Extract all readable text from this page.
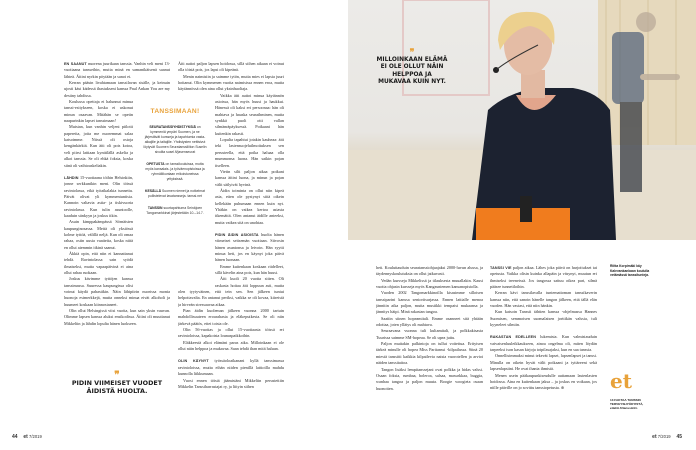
EN SAANUT nuorena juurikaan tanssia. Vanhin veli meni 13-vuotiaana tansseihin, mutta minä en samanikäisenä saanut lähteä. Äitini nyrkin pöytään ja sanoi ei.

Kerran pääsin livahtamaan tanssilavan sisälle, ja keinuin ujosti käsi kädessä ihastukseni kanssa Paul Ankan You are my destiny tahdissa.

Koulussa opettaja ei halunnut minua tanssi-esitykseen, koska ei uskonut minun osaavan. Mitähän se opetin naapurinkin lapset tanssimaan!

Muistan, kun vanhin veljeni piilotti papereita, joita me nuoremmat salaa katsoimme. Niissä oli ostoja kengänkärkiä. Kun äiti oli pois kotoa, veli piirsi lattiaan kynttilällä askelia ja alkoi tanssia. Se oli ehkä foksia, koska siinä oli vaihtoaskeliakin.

LÄHDIN 15-vuotiaana töihin Helsinkiin, jonne serkkunikin meni. Olin töissä ravintolassa, eikä työaikalakia tunnettu. Päivät olivat yli kymmentuntisia. Kannoin valtavia astia- ja tiskivuoria ravintolassa. Kun tulin asuntoolle, kaaduin sänkyyn ja joskus itkin.

Asuin kimppakämpässä Sörnäisten kaupunginosassa. Meitä oli yksiössä kolme tyttöä, välillä neljä. Kun oli omaa rahaa, ostin uusia vaatteita, koska niitä en ollut aiemmin itkinä saanut.

Äkkiä opin, että niin ei kannattanut tehdä. Ravintolassa sain syödä ilmaiseksi, mutta vapaapäivinä ei aina ollut rahaa ruokaan.

Joskus kävimme tyttöjen kanssa tanssimassa. Suuressa kaupungissa olisi voinut käydä pahastikin. Näin lähipiirin nuorissa monia huonoja esimerkkejä, mutta onneksi minua eivät alkoholi ja huumeet koskaan kiinnostaneet.

Olin ollut Helsingissä viisi vuotta, kun sain yksin vauvan. Olimme lapsen kanssa aluksi ensikodissa. Äitini oli muuttanut Mikkeliin ja lähdin lopulta hänen luokseen.

Äiti auttoi paljon lapsen hoidossa, sillä siihen aikaan ei voinut olla töistä pois, jos lapsi oli kipeänä.

Menin naimisiin ja saimme tytön, mutta mies ei lapsia juuri hoitanut. Olin kymmenen vuotta naimisissa ennen eroa, mutta käytännössä olen aina ollut yksinhuoltaja.

Vaikka äiti auttoi minua käytännön asioissa, hän myös huusi ja haukkui. Hänessä oli kaksi eri persoonaa: hän oli mahtava ja hauska seuraihminen, mutta synkkä puoli otti vallan silmänräpäyksessä. Poikaani hän kuitenkin rakasti.

Lopulta tapahtui jotakin kauheaa: äiti teki lastensuojeluilmoituksen sen perusteella, että poika haluaa olla mummonsa luona. Hän saikin pojan itselleen.

Vietin silti paljon aikaa poikani kanssa äitini luona, ja minun ja pojan välit säilyivät hyvinä.

Äidin toiminta on ollut niin kipeä asia, etten ole pystynyt siitä oikein kellekään puhumaan ennen kuin nyt. Yhäkin on vaikea kertoa asiasta itkemättä. Olen antanut äidille anteeksi, mutta vaikea sitä on unohtaa.

PIDIN ÄIDIN ASIOISTA huolta hänen viimeiset seitsemän vuottaan. Siivosin hänen asuntonsa ja leivoin. Hän syytti minua heti, jos en käynyt joka päivä hänen luonaan.

Emme kuitenkaan koskaan riidelleet, sillä kävelin aina pois, kun hän huusi.

Äiti kuoli 20 vuotta sitten. Oli raskasta hoitaa äiti loppuun asti, mutta olen tyytyväinen, että tein sen. Sen jälkeen tuntui helpottavalta. En antanut periksi, vaikka se oli kovaa, kiireistä ja hirveän stressaavaa aikaa.

Pian äidin kuoleman jälkeen vuonna 2000 tartuin mahdollisuuteen eroarahasta ja eläkeputkesta. Se oli niin järkevä päätös, ettei toista ole.

Olin 56-vuotias ja ollut 15-vuotiaasta töissä eri ravintoloissa, kapakoista lounaspaikkoihin.

Eläkkeestä alkoi elämäni paras aika. Milloinkaan ei ole ollut näin helppoa ja mukavaa. Saan tehdä ihan mitä haluan.

OLIN KÄYNYT työssäoloaikanani kyllä tanssimassa ravintoloissa, mutta eihän niiden pienillä lattioilla mahdu kunnolla liikkumaan.

Vuosi ennen töistä jäämistäni Mikkeliin perustettiin Mikkelin Tanssiharrastajat ry, ja liityin siihen

TANSSIMAAN!

SEURATANSSIYHDISTYKSIÄ on kymmeniä ympäri Suomen, ja ne järjestävät kursseja ja tapahtumia vasta-alkajille ja taitajille. Yhdistysten nettisivut löytyvät Suomen Seuratanssiliiton Suselin sivuilta susel.fi/jasenseurat

OPETUSTA on tanssikouluissa, mutta myös kansalais- ja työväenopistoissa ja ryhmäliikuntaan erikoistuneissa yrityksissä.

KESÄLLÄ Suomen niemet ja notkelmat pullistelevat lavatansseja. tanssi.net

TANSSIN suurtapahtuma Seinäjoen Tangomarkkinat järjestetään 10.–14.7.

❞
PIDIN VIIMEISET VUODET ÄIDISTÄ HUOLTA.
44 et 7/2019
❞
MILLOINKAAN ELÄMÄ EI OLE OLLUT NÄIN HELPPOA JA MUKAVAA KUIN NYT.

heti. Kouluttauduin seuratanssiohjaajaksi 2000-luvun alussa, ja täydennyskoulutuksia on ollut jatkuvasti.

Vedän kursseja Mikkelissä ja tilauksesta muuallakin. Kausi vuotta ohjasin kursseja myös Kangasniemen kansanopistolla.

Vuoden 2002 Tangomarkkinoilla kisasimme silloisen tanssiparini kanssa senioritsarjassa. Ennen lattialle menoa jännitin aika paljon, mutta musiikki tempaisi mukaansa ja jännitys häipi. Minä rakastan tangoa.

Saatiin siinen hopeamitali. Emme osanneet sitä yhtään odottaa, joten yllätys oli mahtava.

Seuraavana vuonna tuli kultamitali, ja polkkakisasta Tuurissa saimme SM-hopeaa. Se oli upea juttu.

Paljon muitakin palkintoja on tullut voitettua. Erityisen tärkeä minulle oli hopea Miss Paritanssi -kilpailussa. Siinä 20 miestä tanssitti kaikkia kilpailevia naisia vuorotellen ja arvioi näiden tanssitaitoa.

Tangon lisäksi lempitanssejani ovat polkka ja hidas valssi. Osaan foksia, rumbaa, boleroa, salsaa, masurkkaa, buggia, wanhaa tangoa ja paljon muuta. Boogie woogieta osaan huonoiten.

TANSSI VIE paljon aikaa. Lähes joka päivä on harjoitukset tai opetusta. Vaikka olisin kuinka allapäin ja väsynyt, muutun eri ihmiseksi treeneissä. Jos tangossa sattuu oikea pari, silmä pääsee tunnetiloihin.

Kerran kävi tanssilavalla tuntemattoman tanssikaverin kanssa niin, että sanoin hänelle tangon jälkeen, että tällä elän vuoden. Hän vastasi, että niin hänkin.

Kun katsoin Tanssii tähtien kanssa -ohjelmassa Hannes Suomisen, semmoisen suomalaisen jorttikän valssia, tuli kyyneleet silmiin.

RAKASTAN EDELLEEN lukemista. Kun valmistauduin vaivaisenluuleikkaukseen, ainoa ongelma oli, miten löydän tarpeeksi ison kasan kirjoja toipilasajaksi, kun en saa tanssia.

Onnellisimmaksi minut tekevät lapset, lapsenlapset ja tanssi. Minulla on oikein hyvät välit poikaani ja tyttäreeni sekä lapsenlapsiini. He ovat ihania ihmisiä.

Menen usein pääkaupunkiseudulle auttamaan lastenlasten hoidossa. Aina en kuitenkaan jaksa – ja joskus en voikaan, jos niille päiville on jo sovittu tanssiopetusta. ⊕

Riitta Korpimäki käy Kalevankankaan koululla vetämässä tanssitunteja.
et
13 FAKTAA TANSSIN TERVEYSHYÖDYISTÄ, etlehti.fi/tanssiinfo
et 7/2019 45
